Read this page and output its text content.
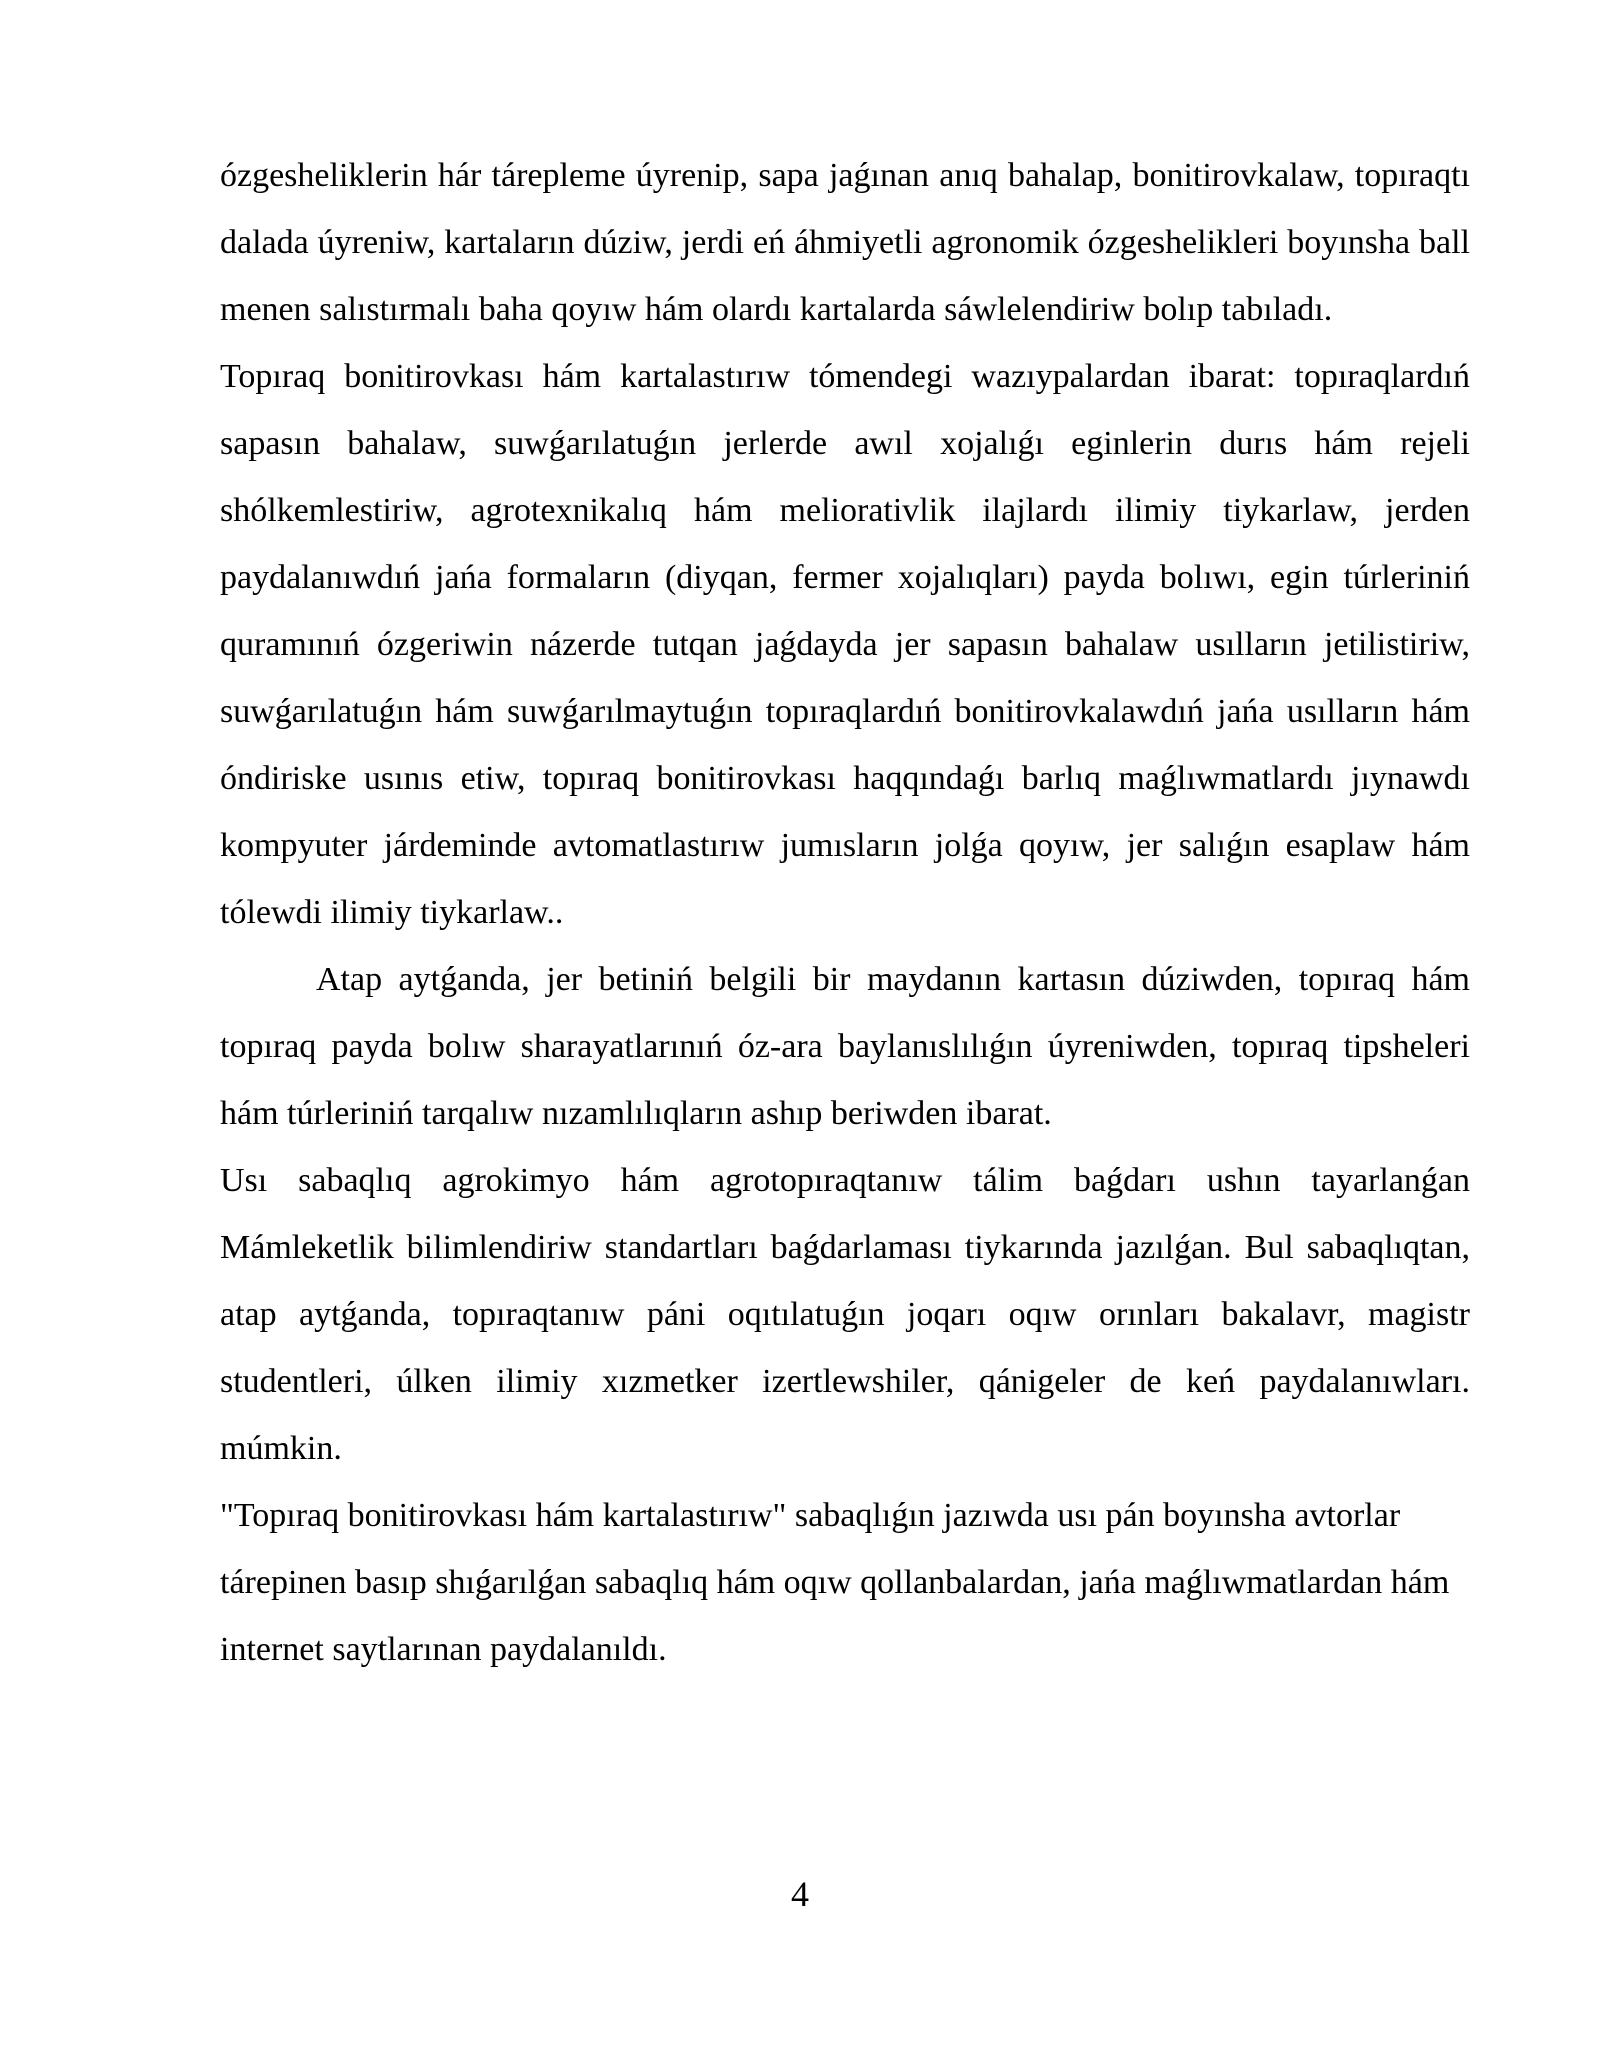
ózgesheliklerin hár tárepleme úyrenip, sapa jaǵınan anıq bahalap, bonitirovkalaw, topıraqtı dalada úyreniw, kartaların dúziw, jerdi eń áhmiyetli agronomik ózgeshelikleri boyınsha ball menen salıstırmalı baha qoyıw hám olardı kartalarda sáwlelendiriw bolıp tabıladı.

Topıraq bonitirovkası hám kartalastırıw tómendegi wazıypalardan ibarat: topıraqlardıń sapasın bahalaw, suwǵarılatuǵın jerlerde awıl xojalıǵı eginlerin durıs hám rejeli shólkemlestiriw, agrotexnikalıq hám meliorativlik ilajlardı ilimiy tiykarlaw, jerden paydalanıwdıń jańa formaların (diyqan, fermer xojalıqları) payda bolıwı, egin túrleriniń quramınıń ózgeriwin názerde tutqan jaǵdayda jer sapasın bahalaw usılların jetilistiriw, suwǵarılatuǵın hám suwǵarılmaytuǵın topıraqlardıń bonitirovkalawdıń jańa usılların hám óndiriske usınıs etiw, topıraq bonitirovkası haqqındaǵı barlıq maǵlıwmatlardı jıynawdı kompyuter járdeminde avtomatlastırıw jumısların jolǵa qoyıw, jer salıǵın esaplaw hám tólewdi ilimiy tiykarlaw..

Atap aytǵanda, jer betiniń belgili bir maydanın kartasın dúziwden, topıraq hám topıraq payda bolıw sharayatlarınıń óz-ara baylanıslılıǵın úyreniwden, topıraq tipsheleri hám túrleriniń tarqalıw nızamlılıqların ashıp beriwden ibarat.

Usı sabaqlıq agrokimyo hám agrotopıraqtanıw tálim baǵdarı ushın tayarlanǵan Mámleketlik bilimlendiriw standartları baǵdarlaması tiykarında jazılǵan. Bul sabaqlıqtan, atap aytǵanda, topıraqtanıw páni oqıtılatuǵın joqarı oqıw orınları bakalavr, magistr studentleri, úlken ilimiy xızmetker izertlewshiler, qánigeler de keń paydalanıwları. múmkin.

"Topıraq bonitirovkası hám kartalastırıw" sabaqlıǵın jazıwda usı pán boyınsha avtorlar tárepinen basıp shıǵarılǵan sabaqlıq hám oqıw qollanbalardan, jańa maǵlıwmatlardan hám internet saytlarınan paydalanıldı.

4
